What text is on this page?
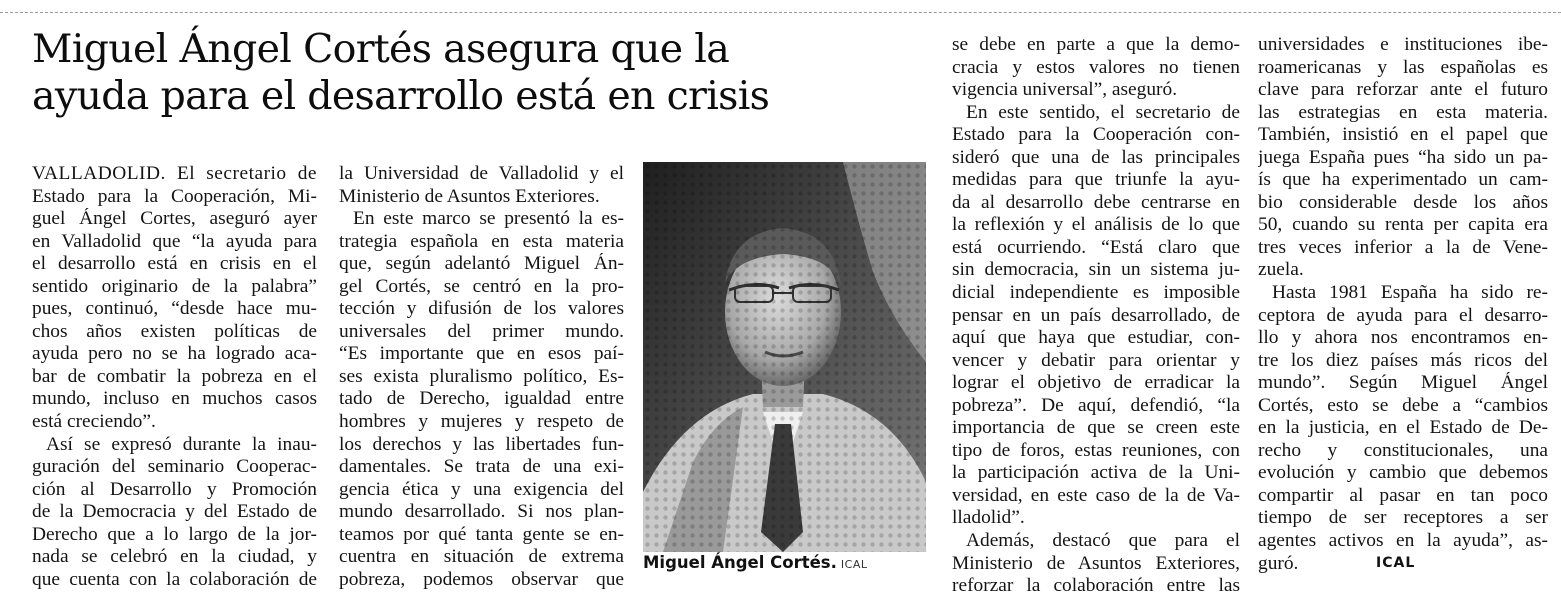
Miguel Ángel Cortés asegura que la
ayuda para el desarrollo está en crisis
VALLADOLID. El secretario de
Estado para la Cooperación, Mi-
guel Ángel Cortes, aseguró ayer
en Valladolid que “la ayuda para
el desarrollo está en crisis en el
sentido originario de la palabra”
pues, continuó, “desde hace mu-
chos años existen políticas de
ayuda pero no se ha logrado aca-
bar de combatir la pobreza en el
mundo, incluso en muchos casos
está creciendo”.
Así se expresó durante la inau-
guración del seminario Cooperac-
ción al Desarrollo y Promoción
de la Democracia y del Estado de
Derecho que a lo largo de la jor-
nada se celebró en la ciudad, y
que cuenta con la colaboración de
la Universidad de Valladolid y el
Ministerio de Asuntos Exteriores.
En este marco se presentó la es-
trategia española en esta materia
que, según adelantó Miguel Án-
gel Cortés, se centró en la pro-
tección y difusión de los valores
universales del primer mundo.
“Es importante que en esos paí-
ses exista pluralismo político, Es-
tado de Derecho, igualdad entre
hombres y mujeres y respeto de
los derechos y las libertades fun-
damentales. Se trata de una exi-
gencia ética y una exigencia del
mundo desarrollado. Si nos plan-
teamos por qué tanta gente se en-
cuentra en situación de extrema
pobreza, podemos observar que
Miguel Ángel Cortés. ICAL
se debe en parte a que la demo-
cracia y estos valores no tienen
vigencia universal”, aseguró.
En este sentido, el secretario de
Estado para la Cooperación con-
sideró que una de las principales
medidas para que triunfe la ayu-
da al desarrollo debe centrarse en
la reflexión y el análisis de lo que
está ocurriendo. “Está claro que
sin democracia, sin un sistema ju-
dicial independiente es imposible
pensar en un país desarrollado, de
aquí que haya que estudiar, con-
vencer y debatir para orientar y
lograr el objetivo de erradicar la
pobreza”. De aquí, defendió, “la
importancia de que se creen este
tipo de foros, estas reuniones, con
la participación activa de la Uni-
versidad, en este caso de la de Va-
lladolid”.
Además, destacó que para el
Ministerio de Asuntos Exteriores,
reforzar la colaboración entre las
universidades e instituciones ibe-
roamericanas y las españolas es
clave para reforzar ante el futuro
las estrategias en esta materia.
También, insistió en el papel que
juega España pues “ha sido un pa-
ís que ha experimentado un cam-
bio considerable desde los años
50, cuando su renta per capita era
tres veces inferior a la de Vene-
zuela.
Hasta 1981 España ha sido re-
ceptora de ayuda para el desarro-
llo y ahora nos encontramos en-
tre los diez países más ricos del
mundo”. Según Miguel Ángel
Cortés, esto se debe a “cambios
en la justicia, en el Estado de De-
recho y constitucionales, una
evolución y cambio que debemos
compartir al pasar en tan poco
tiempo de ser receptores a ser
agentes activos en la ayuda”, as-
guró.	ICAL
